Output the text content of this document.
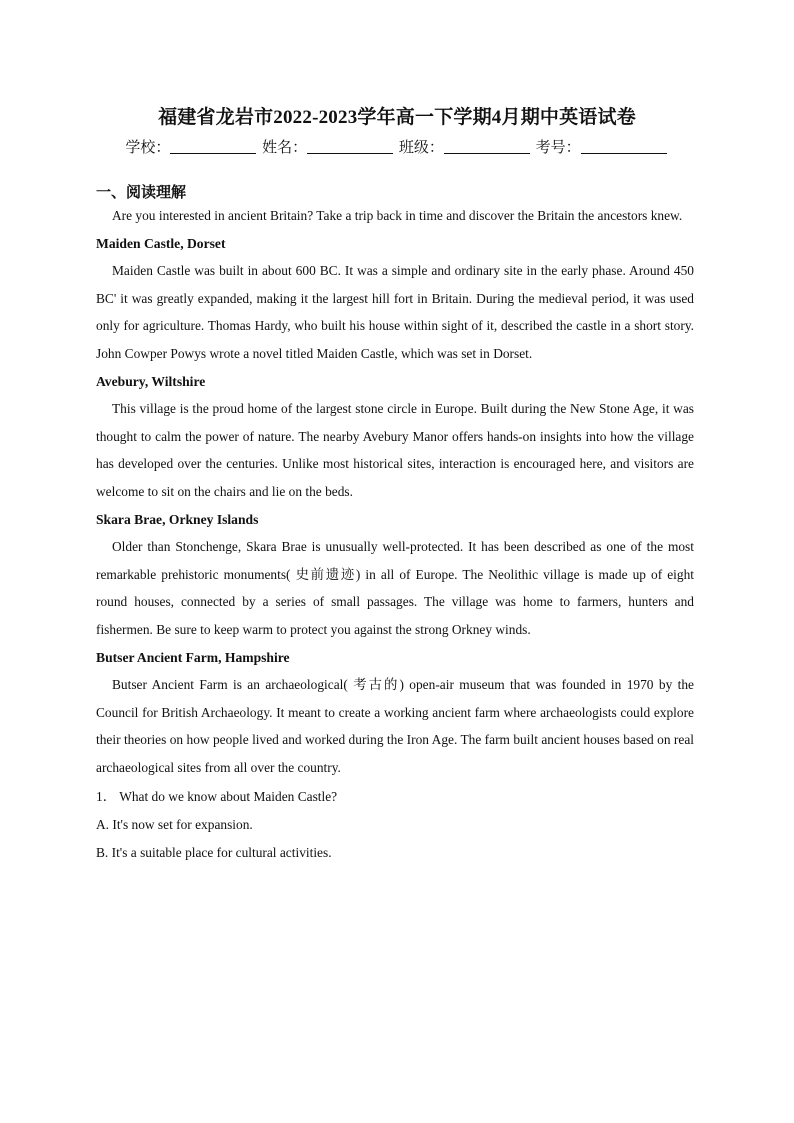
福建省龙岩市2022-2023学年高一下学期4月期中英语试卷
学校：	姓名：	班级：	考号：
一、阅读理解

Are you interested in ancient Britain? Take a trip back in time and discover the Britain the ancestors knew.

Maiden Castle, Dorset

Maiden Castle was built in about 600 BC. It was a simple and ordinary site in the early phase. Around 450 BC' it was greatly expanded, making it the largest hill fort in Britain. During the medieval period, it was used only for agriculture. Thomas Hardy, who built his house within sight of it, described the castle in a short story. John Cowper Powys wrote a novel titled Maiden Castle, which was set in Dorset.

Avebury, Wiltshire

This village is the proud home of the largest stone circle in Europe. Built during the New Stone Age, it was thought to calm the power of nature. The nearby Avebury Manor offers hands-on insights into how the village has developed over the centuries. Unlike most historical sites, interaction is encouraged here, and visitors are welcome to sit on the chairs and lie on the beds.

Skara Brae, Orkney Islands

Older than Stonchenge, Skara Brae is unusually well-protected. It has been described as one of the most remarkable prehistoric monuments( 史前遗迹) in all of Europe. The Neolithic village is made up of eight round houses, connected by a series of small passages. The village was home to farmers, hunters and fishermen. Be sure to keep warm to protect you against the strong Orkney winds.

Butser Ancient Farm, Hampshire

Butser Ancient Farm is an archaeological( 考古的) open-air museum that was founded in 1970 by the Council for British Archaeology. It meant to create a working ancient farm where archaeologists could explore their theories on how people lived and worked during the Iron Age. The farm built ancient houses based on real archaeological sites from all over the country.

1． What do we know about Maiden Castle?

A. It's now set for expansion.

B. It's a suitable place for cultural activities.
